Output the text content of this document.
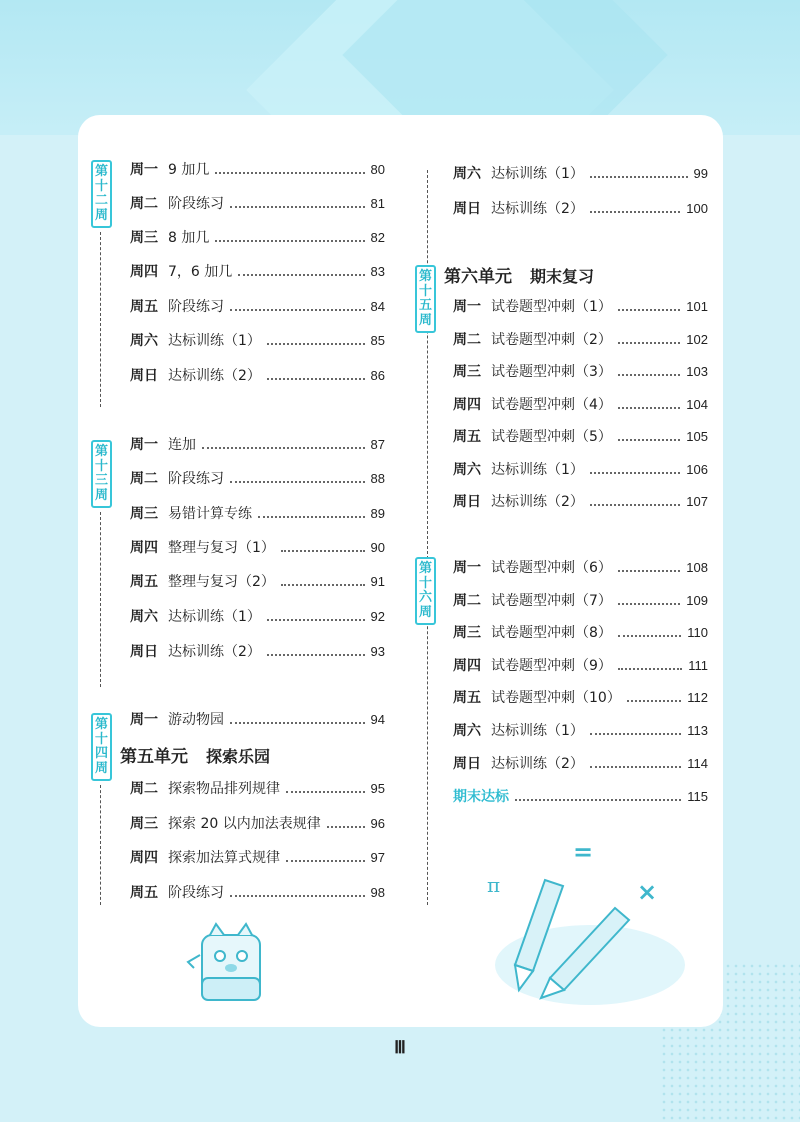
第十二周
第十三周
第十四周
周一 9 加几	80
周二 阶段练习	81
周三 8 加几	82
周四 7，6 加几	83
周五 阶段练习	84
周六 达标训练（1）	85
周日 达标训练（2）	86
周一 连加	87
周二 阶段练习	88
周三 易错计算专练	89
周四 整理与复习（1）	90
周五 整理与复习（2）	91
周六 达标训练（1）	92
周日 达标训练（2）	93
周一 游动物园	94
第五单元 探索乐园
周二 探索物品排列规律	95
周三 探索 20 以内加法表规律	96
周四 探索加法算式规律	97
周五 阶段练习	98
周六 达标训练（1）	99
周日 达标训练（2）	100
第六单元 期末复习
第十五周
第十六周
周一 试卷题型冲刺（1）	101
周二 试卷题型冲刺（2）	102
周三 试卷题型冲刺（3）	103
周四 试卷题型冲刺（4）	104
周五 试卷题型冲刺（5）	105
周六 达标训练（1）	106
周日 达标训练（2）	107
周一 试卷题型冲刺（6）	108
周二 试卷题型冲刺（7）	109
周三 试卷题型冲刺（8）	110
周四 试卷题型冲刺（9）	111
周五 试卷题型冲刺（10）	112
周六 达标训练（1）	113
周日 达标训练（2）	114
期末达标	115
π
=
×
Ⅲ
